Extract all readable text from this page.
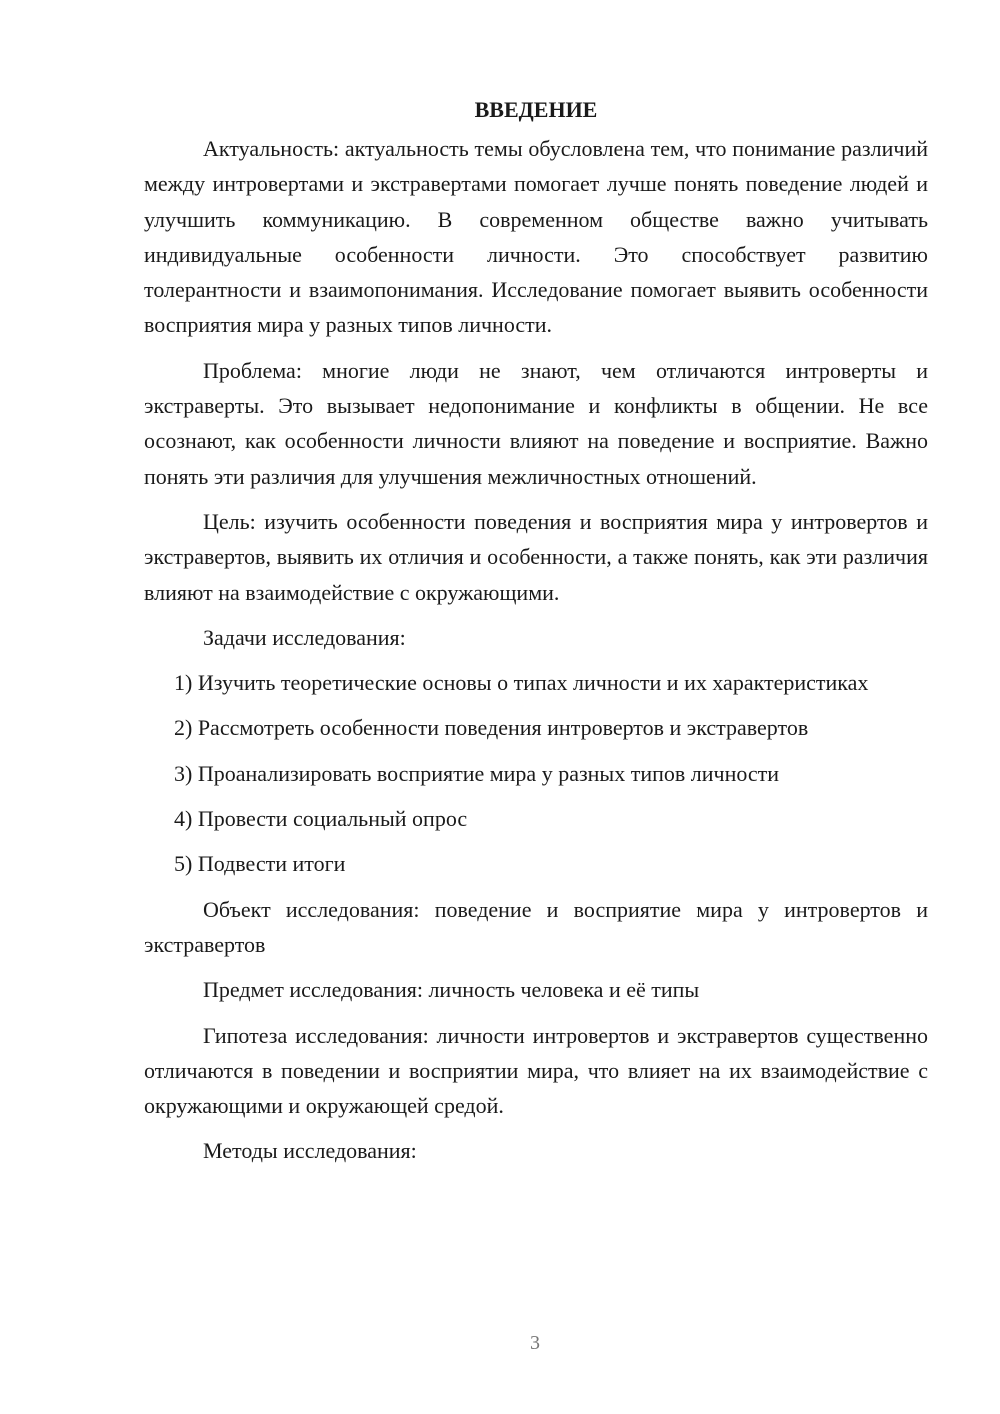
ВВЕДЕНИЕ

Актуальность: актуальность темы обусловлена тем, что понимание различий между интровертами и экстравертами помогает лучше понять поведение людей и улучшить коммуникацию. В современном обществе важно учитывать индивидуальные особенности личности. Это способствует развитию толерантности и взаимопонимания. Исследование помогает выявить особенности восприятия мира у разных типов личности.

Проблема: многие люди не знают, чем отличаются интроверты и экстраверты. Это вызывает недопонимание и конфликты в общении. Не все осознают, как особенности личности влияют на поведение и восприятие. Важно понять эти различия для улучшения межличностных отношений.

Цель: изучить особенности поведения и восприятия мира у интровертов и экстравертов, выявить их отличия и особенности, а также понять, как эти различия влияют на взаимодействие с окружающими.

Задачи исследования:

1) Изучить теоретические основы о типах личности и их характеристиках

2) Рассмотреть особенности поведения интровертов и экстравертов

3) Проанализировать восприятие мира у разных типов личности

4) Провести социальный опрос

5) Подвести итоги

Объект исследования: поведение и восприятие мира у интровертов и экстравертов

Предмет исследования: личность человека и её типы

Гипотеза исследования: личности интровертов и экстравертов существенно отличаются в поведении и восприятии мира, что влияет на их взаимодействие с окружающими и окружающей средой.

Методы исследования:

3
